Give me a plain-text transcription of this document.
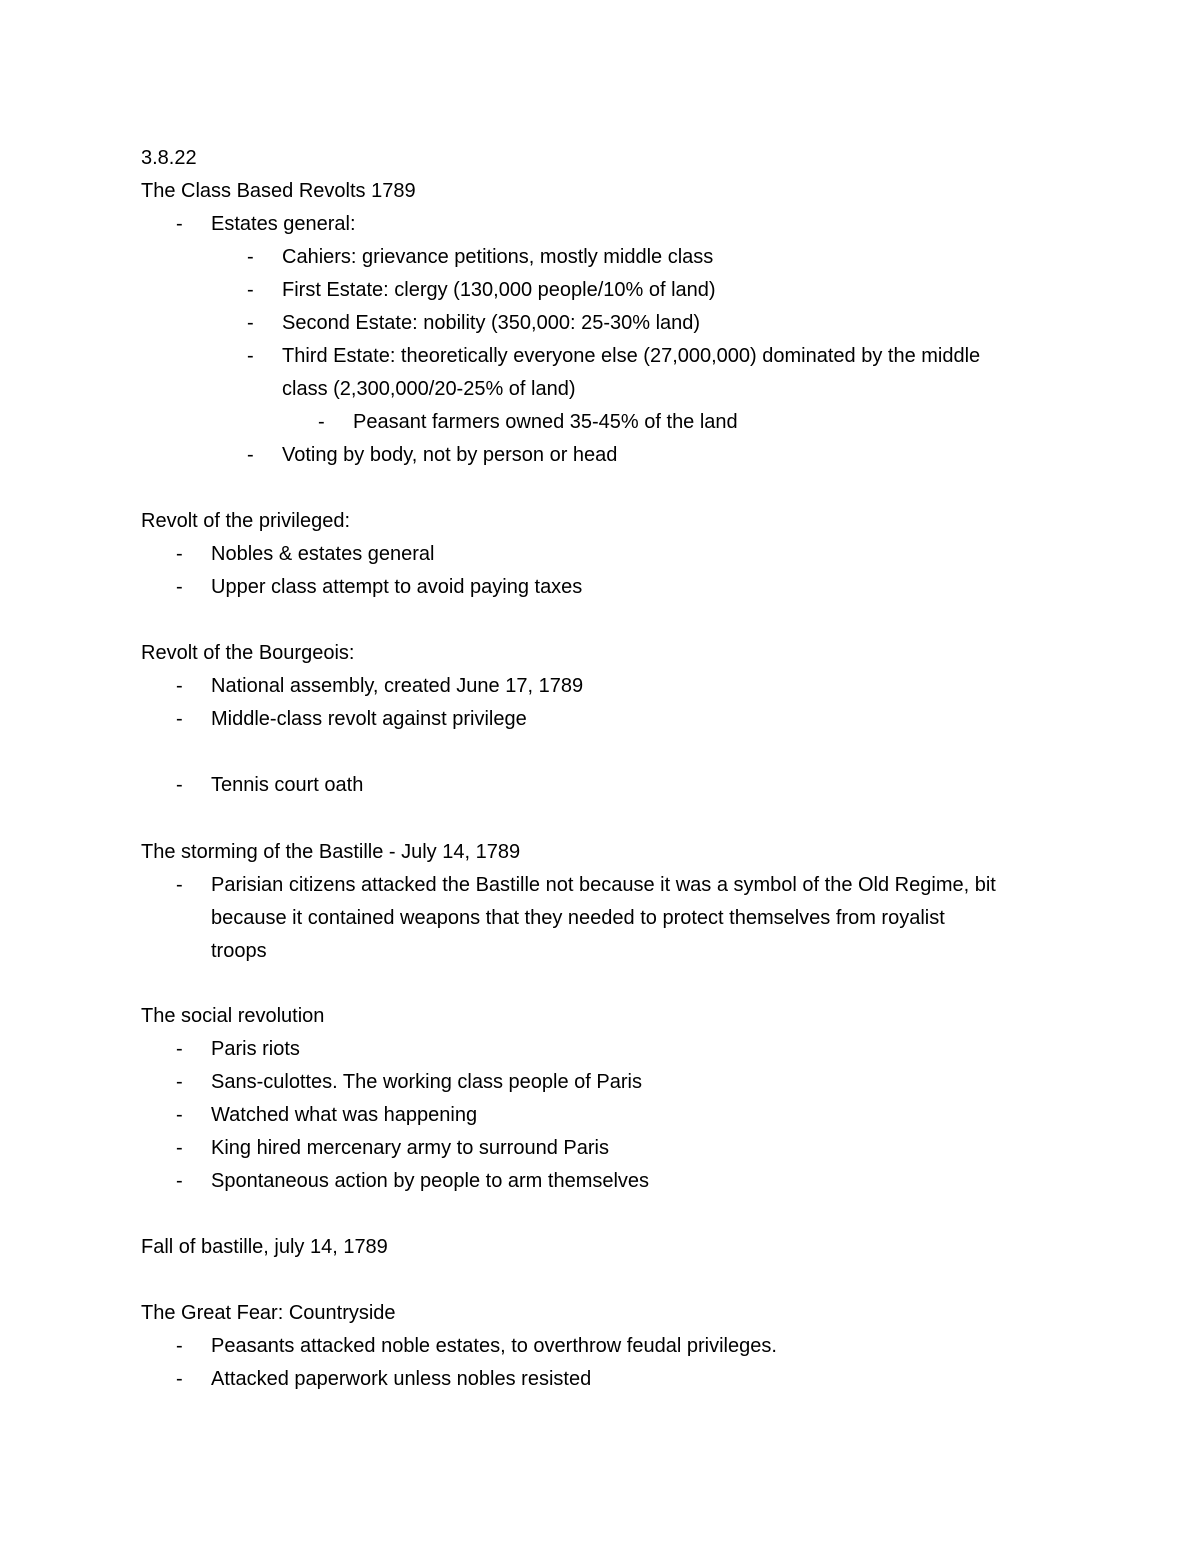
3.8.22
The Class Based Revolts 1789
- Estates general:
- Cahiers: grievance petitions, mostly middle class
- First Estate: clergy (130,000 people/10% of land)
- Second Estate: nobility (350,000: 25-30% land)
- Third Estate: theoretically everyone else (27,000,000) dominated by the middle
class (2,300,000/20-25% of land)
- Peasant farmers owned 35-45% of the land
- Voting by body, not by person or head
Revolt of the privileged:
- Nobles & estates general
- Upper class attempt to avoid paying taxes
Revolt of the Bourgeois:
- National assembly, created June 17, 1789
- Middle-class revolt against privilege
- Tennis court oath
The storming of the Bastille - July 14, 1789
- Parisian citizens attacked the Bastille not because it was a symbol of the Old Regime, bit
because it contained weapons that they needed to protect themselves from royalist
troops
The social revolution
- Paris riots
- Sans-culottes. The working class people of Paris
- Watched what was happening
- King hired mercenary army to surround Paris
- Spontaneous action by people to arm themselves
Fall of bastille, july 14, 1789
The Great Fear: Countryside
- Peasants attacked noble estates, to overthrow feudal privileges.
- Attacked paperwork unless nobles resisted
